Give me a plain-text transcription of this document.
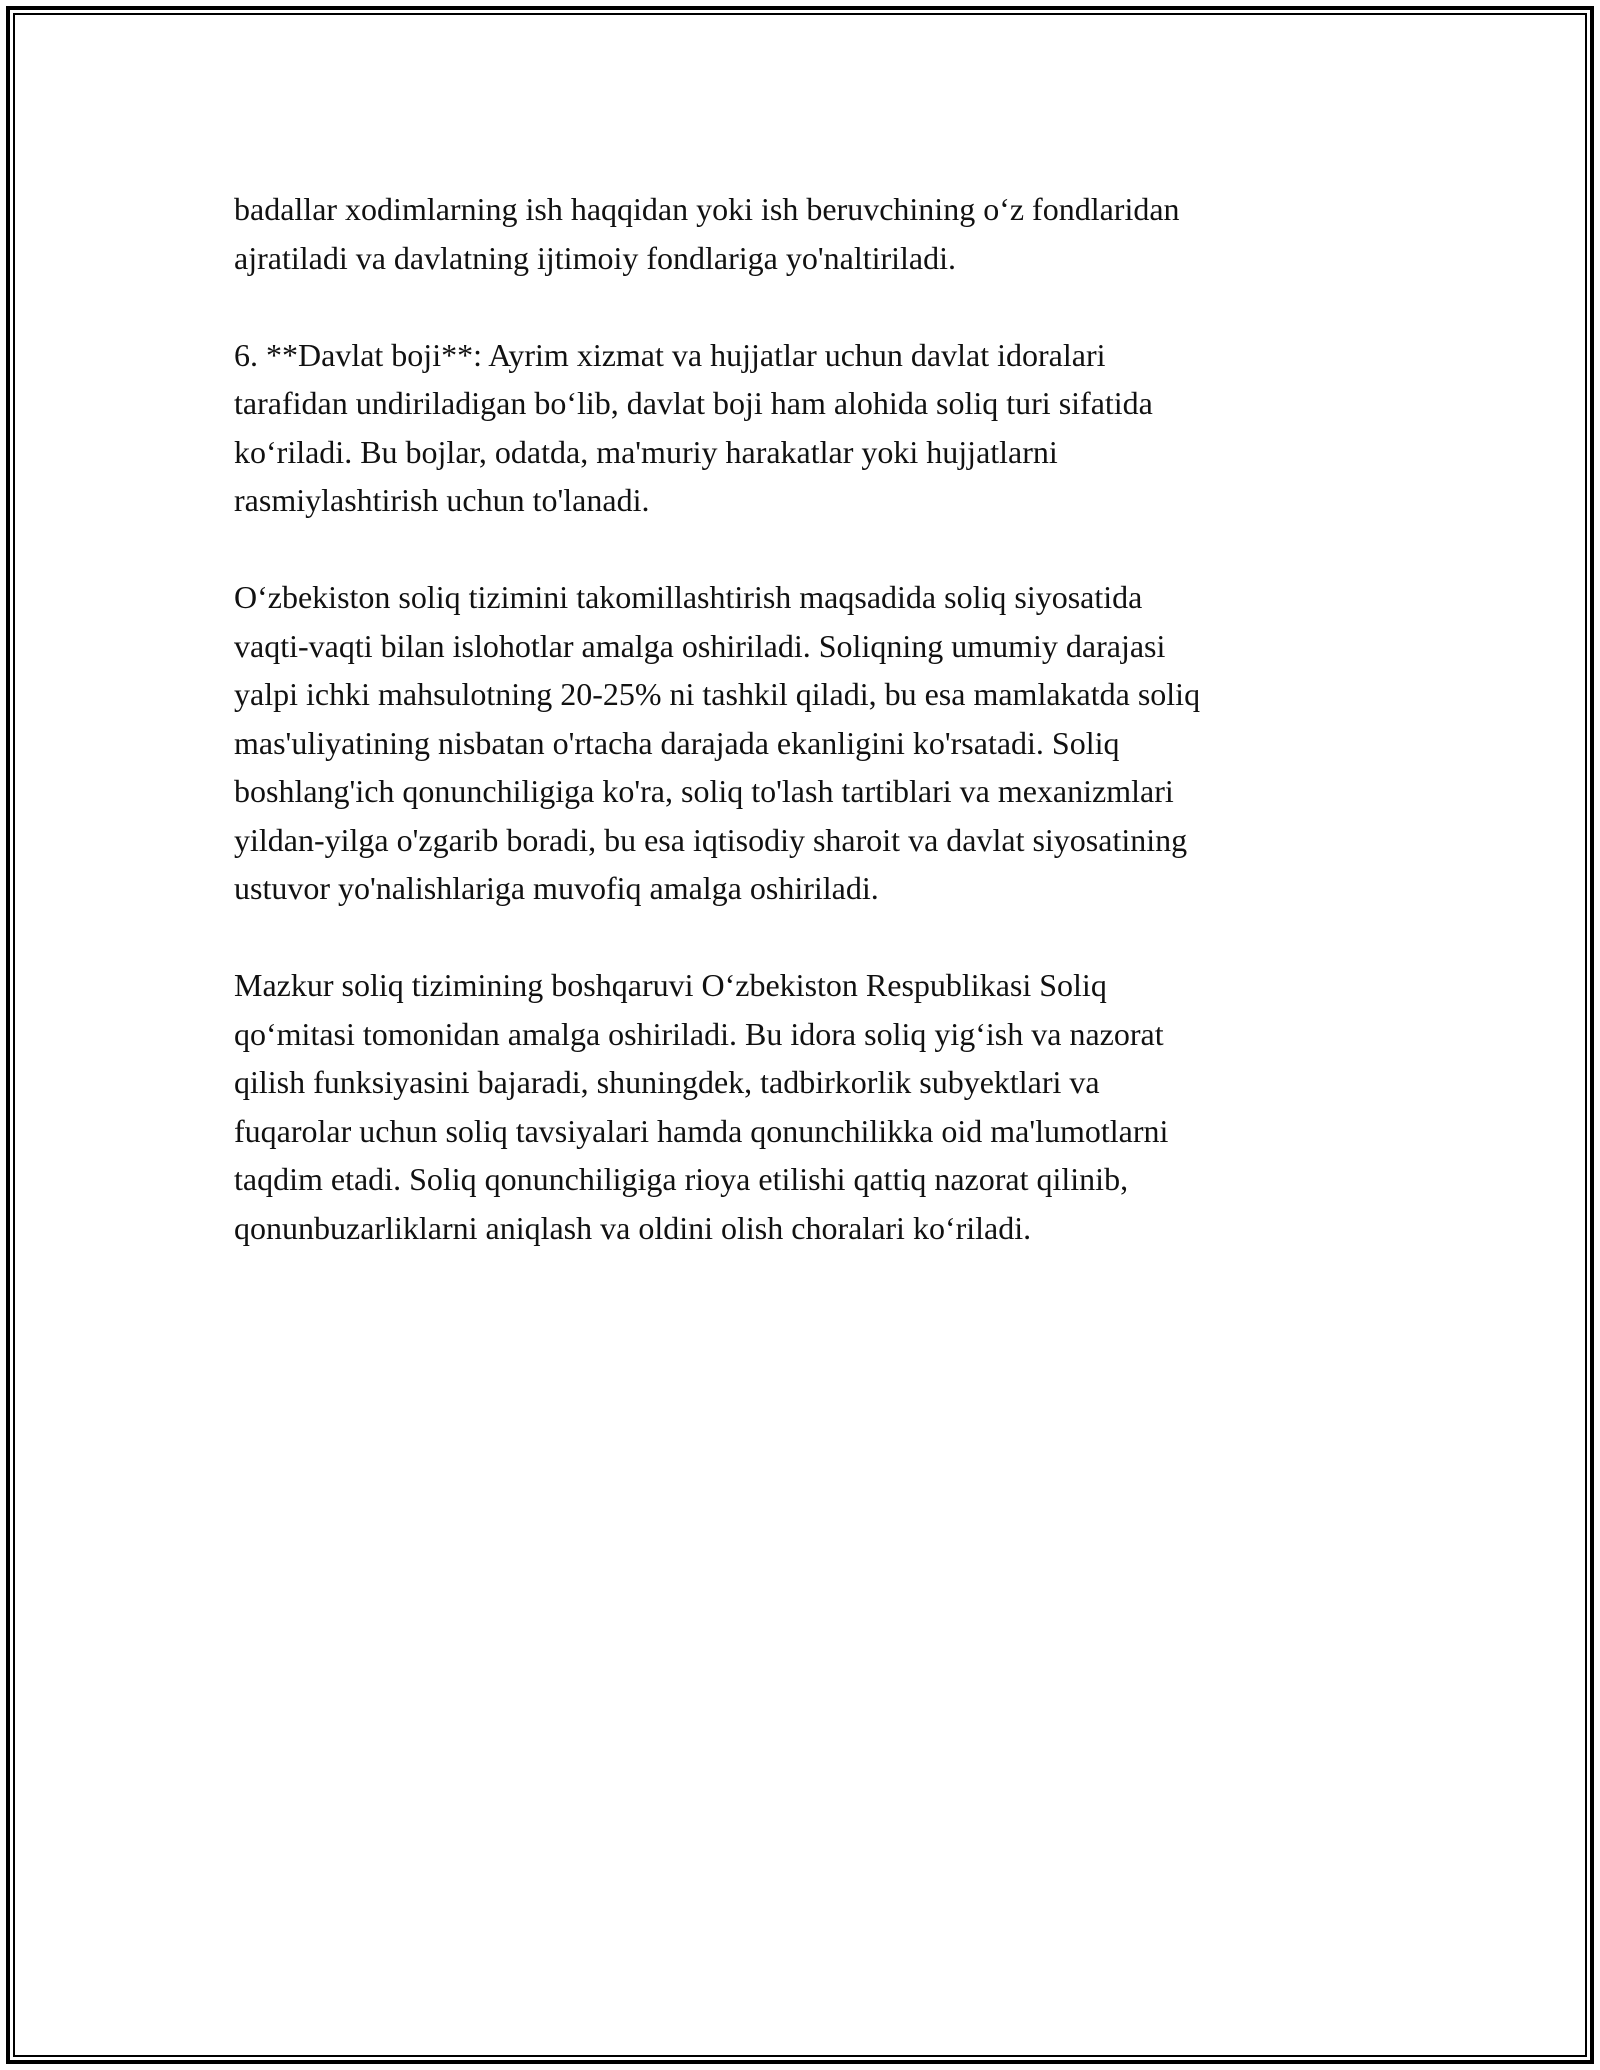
badallar xodimlarning ish haqqidan yoki ish beruvchining o‘z fondlaridan
ajratiladi va davlatning ijtimoiy fondlariga yo'naltiriladi.

6. **Davlat boji**: Ayrim xizmat va hujjatlar uchun davlat idoralari
tarafidan undiriladigan bo‘lib, davlat boji ham alohida soliq turi sifatida
ko‘riladi. Bu bojlar, odatda, ma'muriy harakatlar yoki hujjatlarni
rasmiylashtirish uchun to'lanadi.

O‘zbekiston soliq tizimini takomillashtirish maqsadida soliq siyosatida
vaqti-vaqti bilan islohotlar amalga oshiriladi. Soliqning umumiy darajasi
yalpi ichki mahsulotning 20-25% ni tashkil qiladi, bu esa mamlakatda soliq
mas'uliyatining nisbatan o'rtacha darajada ekanligini ko'rsatadi. Soliq
boshlang'ich qonunchiligiga ko'ra, soliq to'lash tartiblari va mexanizmlari
yildan-yilga o'zgarib boradi, bu esa iqtisodiy sharoit va davlat siyosatining
ustuvor yo'nalishlariga muvofiq amalga oshiriladi.

Mazkur soliq tizimining boshqaruvi O‘zbekiston Respublikasi Soliq
qo‘mitasi tomonidan amalga oshiriladi. Bu idora soliq yig‘ish va nazorat
qilish funksiyasini bajaradi, shuningdek, tadbirkorlik subyektlari va
fuqarolar uchun soliq tavsiyalari hamda qonunchilikka oid ma'lumotlarni
taqdim etadi. Soliq qonunchiligiga rioya etilishi qattiq nazorat qilinib,
qonunbuzarliklarni aniqlash va oldini olish choralari ko‘riladi.
